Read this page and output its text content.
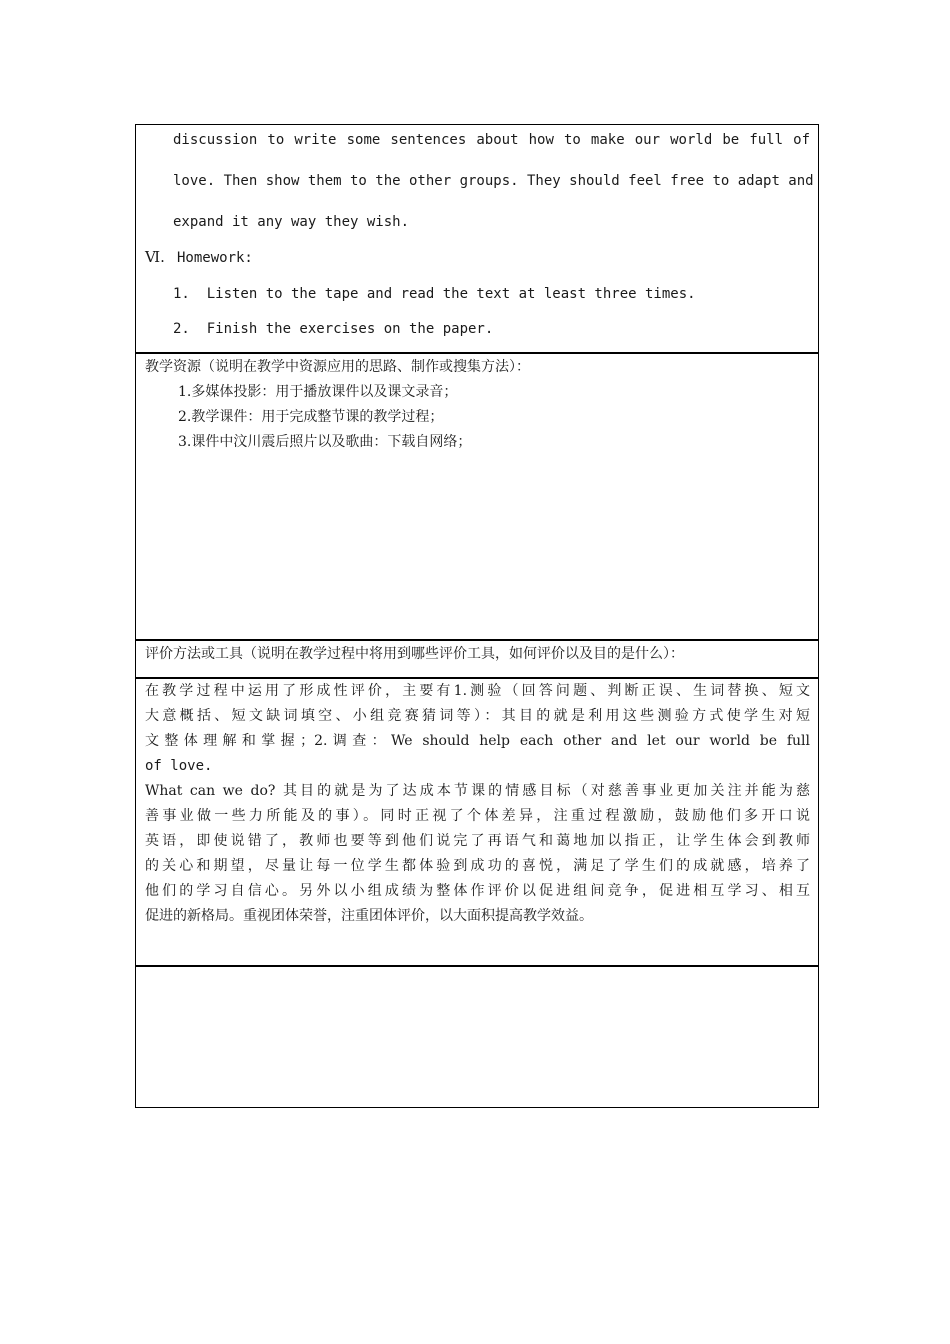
discussion to write some sentences about how to make our world be full of
love. Then show them to the other groups. They should feel free to adapt and
expand it any way they wish.
Ⅵ. Homework:
1.  Listen to the tape and read the text at least three times.
2.  Finish the exercises on the paper.
教学资源（说明在教学中资源应用的思路、制作或搜集方法）：
1.多媒体投影：用于播放课件以及课文录音；
2.教学课件：用于完成整节课的教学过程；
3.课件中汶川震后照片以及歌曲：下载自网络；
评价方法或工具（说明在教学过程中将用到哪些评价工具，如何评价以及目的是什么）：
在教学过程中运用了形成性评价，主要有1.测验（回答问题、判断正误、生词替换、短文
大意概括、短文缺词填空、小组竞赛猜词等）：其目的就是利用这些测验方式使学生对短
文整体理解和掌握；2.调查：We should help each other and let our world be full
of love.
What can we do? 其目的就是为了达成本节课的情感目标（对慈善事业更加关注并能为慈
善事业做一些力所能及的事）。同时正视了个体差异，注重过程激励，鼓励他们多开口说
英语，即使说错了，教师也要等到他们说完了再语气和蔼地加以指正，让学生体会到教师
的关心和期望，尽量让每一位学生都体验到成功的喜悦，满足了学生们的成就感，培养了
他们的学习自信心。另外以小组成绩为整体作评价以促进组间竞争，促进相互学习、相互
促进的新格局。重视团体荣誉，注重团体评价，以大面积提高教学效益。
